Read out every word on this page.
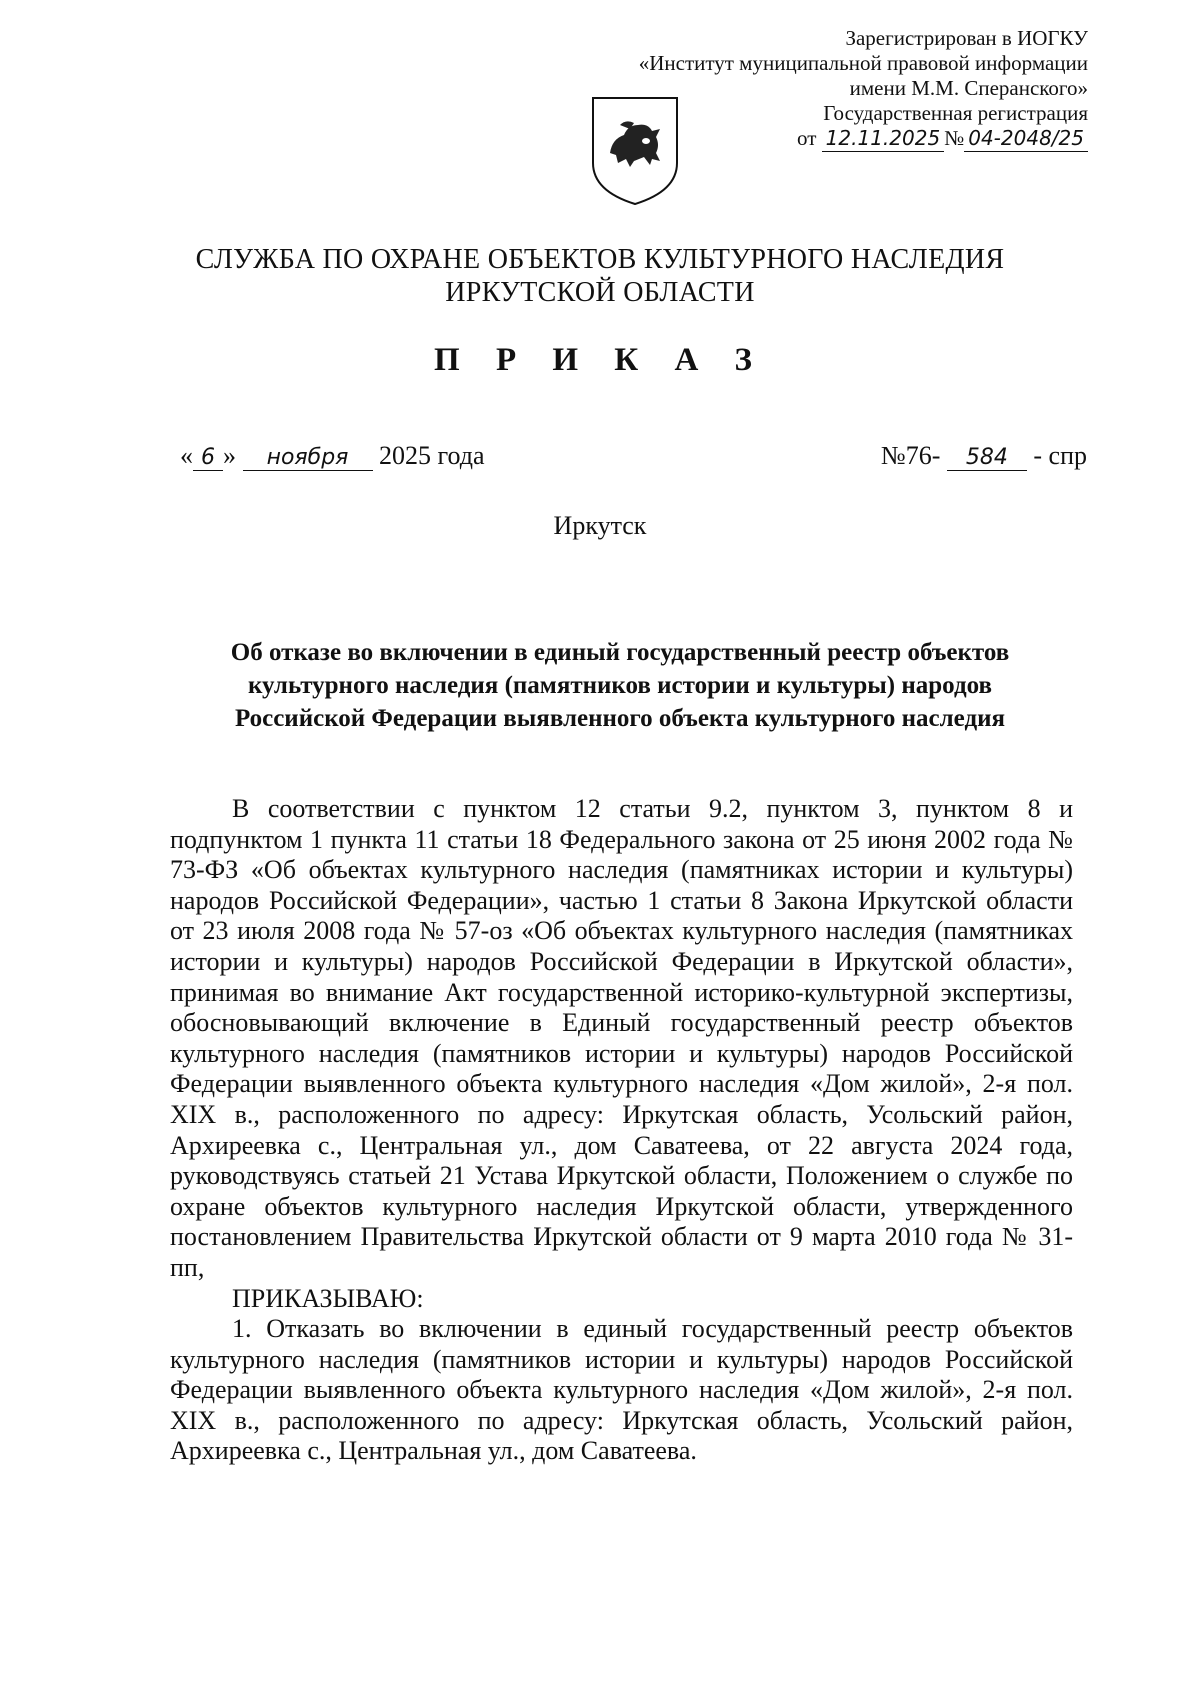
Зарегистрирован в ИОГКУ
«Институт муниципальной правовой информации
имени М.М. Сперанского»
Государственная регистрация
от 12.11.2025 № 04-2048/25
СЛУЖБА ПО ОХРАНЕ ОБЪЕКТОВ КУЛЬТУРНОГО НАСЛЕДИЯ
ИРКУТСКОЙ ОБЛАСТИ
П Р И К А З
« 6 » ноября 2025 года	№76- 584 - спр
Иркутск
Об отказе во включении в единый государственный реестр объектов
культурного наследия (памятников истории и культуры) народов
Российской Федерации выявленного объекта культурного наследия

В соответствии с пунктом 12 статьи 9.2, пунктом 3, пунктом 8 и подпунктом 1 пункта 11 статьи 18 Федерального закона от 25 июня 2002 года № 73-ФЗ «Об объектах культурного наследия (памятниках истории и культуры) народов Российской Федерации», частью 1 статьи 8 Закона Иркутской области от 23 июля 2008 года № 57-оз «Об объектах культурного наследия (памятниках истории и культуры) народов Российской Федерации в Иркутской области», принимая во внимание Акт государственной историко-культурной экспертизы, обосновывающий включение в Единый государственный реестр объектов культурного наследия (памятников истории и культуры) народов Российской Федерации выявленного объекта культурного наследия «Дом жилой», 2-я пол. XIX в., расположенного по адресу: Иркутская область, Усольский район, Архиреевка с., Центральная ул., дом Саватеева, от 22 августа 2024 года, руководствуясь статьей 21 Устава Иркутской области, Положением о службе по охране объектов культурного наследия Иркутской области, утвержденного постановлением Правительства Иркутской области от 9 марта 2010 года № 31-пп,

ПРИКАЗЫВАЮ:

1. Отказать во включении в единый государственный реестр объектов культурного наследия (памятников истории и культуры) народов Российской Федерации выявленного объекта культурного наследия «Дом жилой», 2-я пол. XIX в., расположенного по адресу: Иркутская область, Усольский район, Архиреевка с., Центральная ул., дом Саватеева.
